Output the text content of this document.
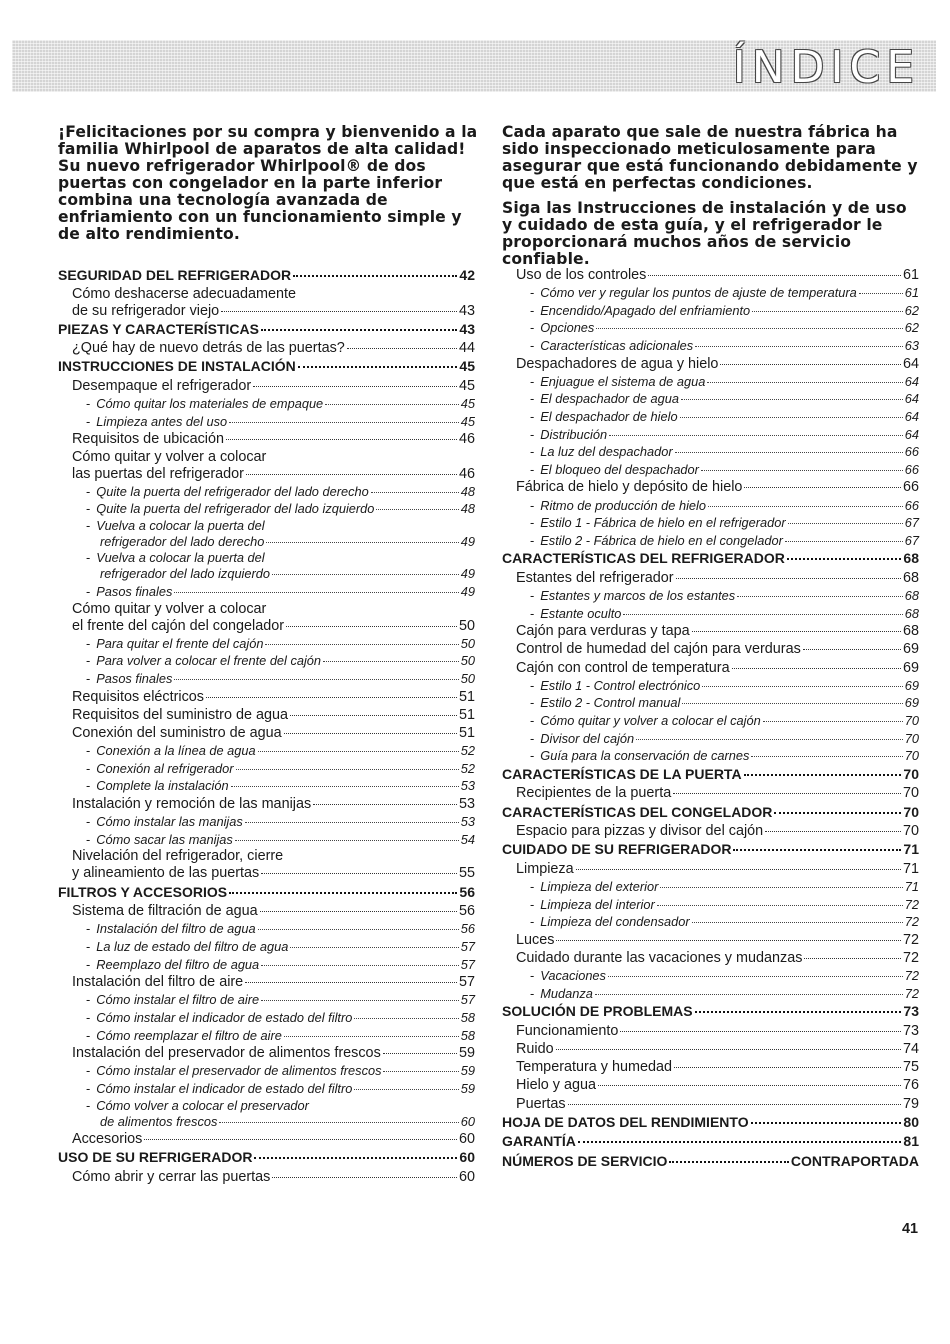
ÍNDICE

¡Felicitaciones por su compra y bienvenido a la familia Whirlpool de aparatos de alta calidad! Su nuevo refrigerador Whirlpool® de dos puertas con congelador en la parte inferior combina una tecnología avanzada de enfriamiento con un funcionamiento simple y de alto rendimiento.

Cada aparato que sale de nuestra fábrica ha sido inspeccionado meticulosamente para asegurar que está funcionando debidamente y que está en perfectas condiciones.

Siga las Instrucciones de instalación y de uso y cuidado de esta guía, y el refrigerador le proporcionará muchos años de servicio confiable.

SEGURIDAD DEL REFRIGERADOR	42
Cómo deshacerse adecuadamente
de su refrigerador viejo	43
PIEZAS Y CARACTERÍSTICAS	43
¿Qué hay de nuevo detrás de las puertas?	44
INSTRUCCIONES DE INSTALACIÓN	45
Desempaque el refrigerador	45
- Cómo quitar los materiales de empaque	45
- Limpieza antes del uso	45
Requisitos de ubicación	46
Cómo quitar y volver a colocar
las puertas del refrigerador	46
- Quite la puerta del refrigerador del lado derecho	48
- Quite la puerta del refrigerador del lado izquierdo	48
- Vuelva a colocar la puerta del
refrigerador del lado derecho	49
- Vuelva a colocar la puerta del
refrigerador del lado izquierdo	49
- Pasos finales	49
Cómo quitar y volver a colocar
el frente del cajón del congelador	50
- Para quitar el frente del cajón	50
- Para volver a colocar el frente del cajón	50
- Pasos finales	50
Requisitos eléctricos	51
Requisitos del suministro de agua	51
Conexión del suministro de agua	51
- Conexión a la línea de agua	52
- Conexión al refrigerador	52
- Complete la instalación	53
Instalación y remoción de las manijas	53
- Cómo instalar las manijas	53
- Cómo sacar las manijas	54
Nivelación del refrigerador, cierre
y alineamiento de las puertas	55
FILTROS Y ACCESORIOS	56
Sistema de filtración de agua	56
- Instalación del filtro de agua	56
- La luz de estado del filtro de agua	57
- Reemplazo del filtro de agua	57
Instalación del filtro de aire	57
- Cómo instalar el filtro de aire	57
- Cómo instalar el indicador de estado del filtro	58
- Cómo reemplazar el filtro de aire	58
Instalación del preservador de alimentos frescos	59
- Cómo instalar el preservador de alimentos frescos	59
- Cómo instalar el indicador de estado del filtro	59
- Cómo volver a colocar el preservador
de alimentos frescos	60
Accesorios	60
USO DE SU REFRIGERADOR	60
Cómo abrir y cerrar las puertas	60
Uso de los controles	61
- Cómo ver y regular los puntos de ajuste de temperatura	61
- Encendido/Apagado del enfriamiento	62
- Opciones	62
- Características adicionales	63
Despachadores de agua y hielo	64
- Enjuague el sistema de agua	64
- El despachador de agua	64
- El despachador de hielo	64
- Distribución	64
- La luz del despachador	66
- El bloqueo del despachador	66
Fábrica de hielo y depósito de hielo	66
- Ritmo de producción de hielo	66
- Estilo 1 - Fábrica de hielo en el refrigerador	67
- Estilo 2 - Fábrica de hielo en el congelador	67
CARACTERÍSTICAS DEL REFRIGERADOR	68
Estantes del refrigerador	68
- Estantes y marcos de los estantes	68
- Estante oculto	68
Cajón para verduras y tapa	68
Control de humedad del cajón para verduras	69
Cajón con control de temperatura	69
- Estilo 1 - Control electrónico	69
- Estilo 2 - Control manual	69
- Cómo quitar y volver a colocar el cajón	70
- Divisor del cajón	70
- Guía para la conservación de carnes	70
CARACTERÍSTICAS DE LA PUERTA	70
Recipientes de la puerta	70
CARACTERÍSTICAS DEL CONGELADOR	70
Espacio para pizzas y divisor del cajón	70
CUIDADO DE SU REFRIGERADOR	71
Limpieza	71
- Limpieza del exterior	71
- Limpieza del interior	72
- Limpieza del condensador	72
Luces	72
Cuidado durante las vacaciones y mudanzas	72
- Vacaciones	72
- Mudanza	72
SOLUCIÓN DE PROBLEMAS	73
Funcionamiento	73
Ruido	74
Temperatura y humedad	75
Hielo y agua	76
Puertas	79
HOJA DE DATOS DEL RENDIMIENTO	80
GARANTÍA	81
NÚMEROS DE SERVICIO	CONTRAPORTADA
41
